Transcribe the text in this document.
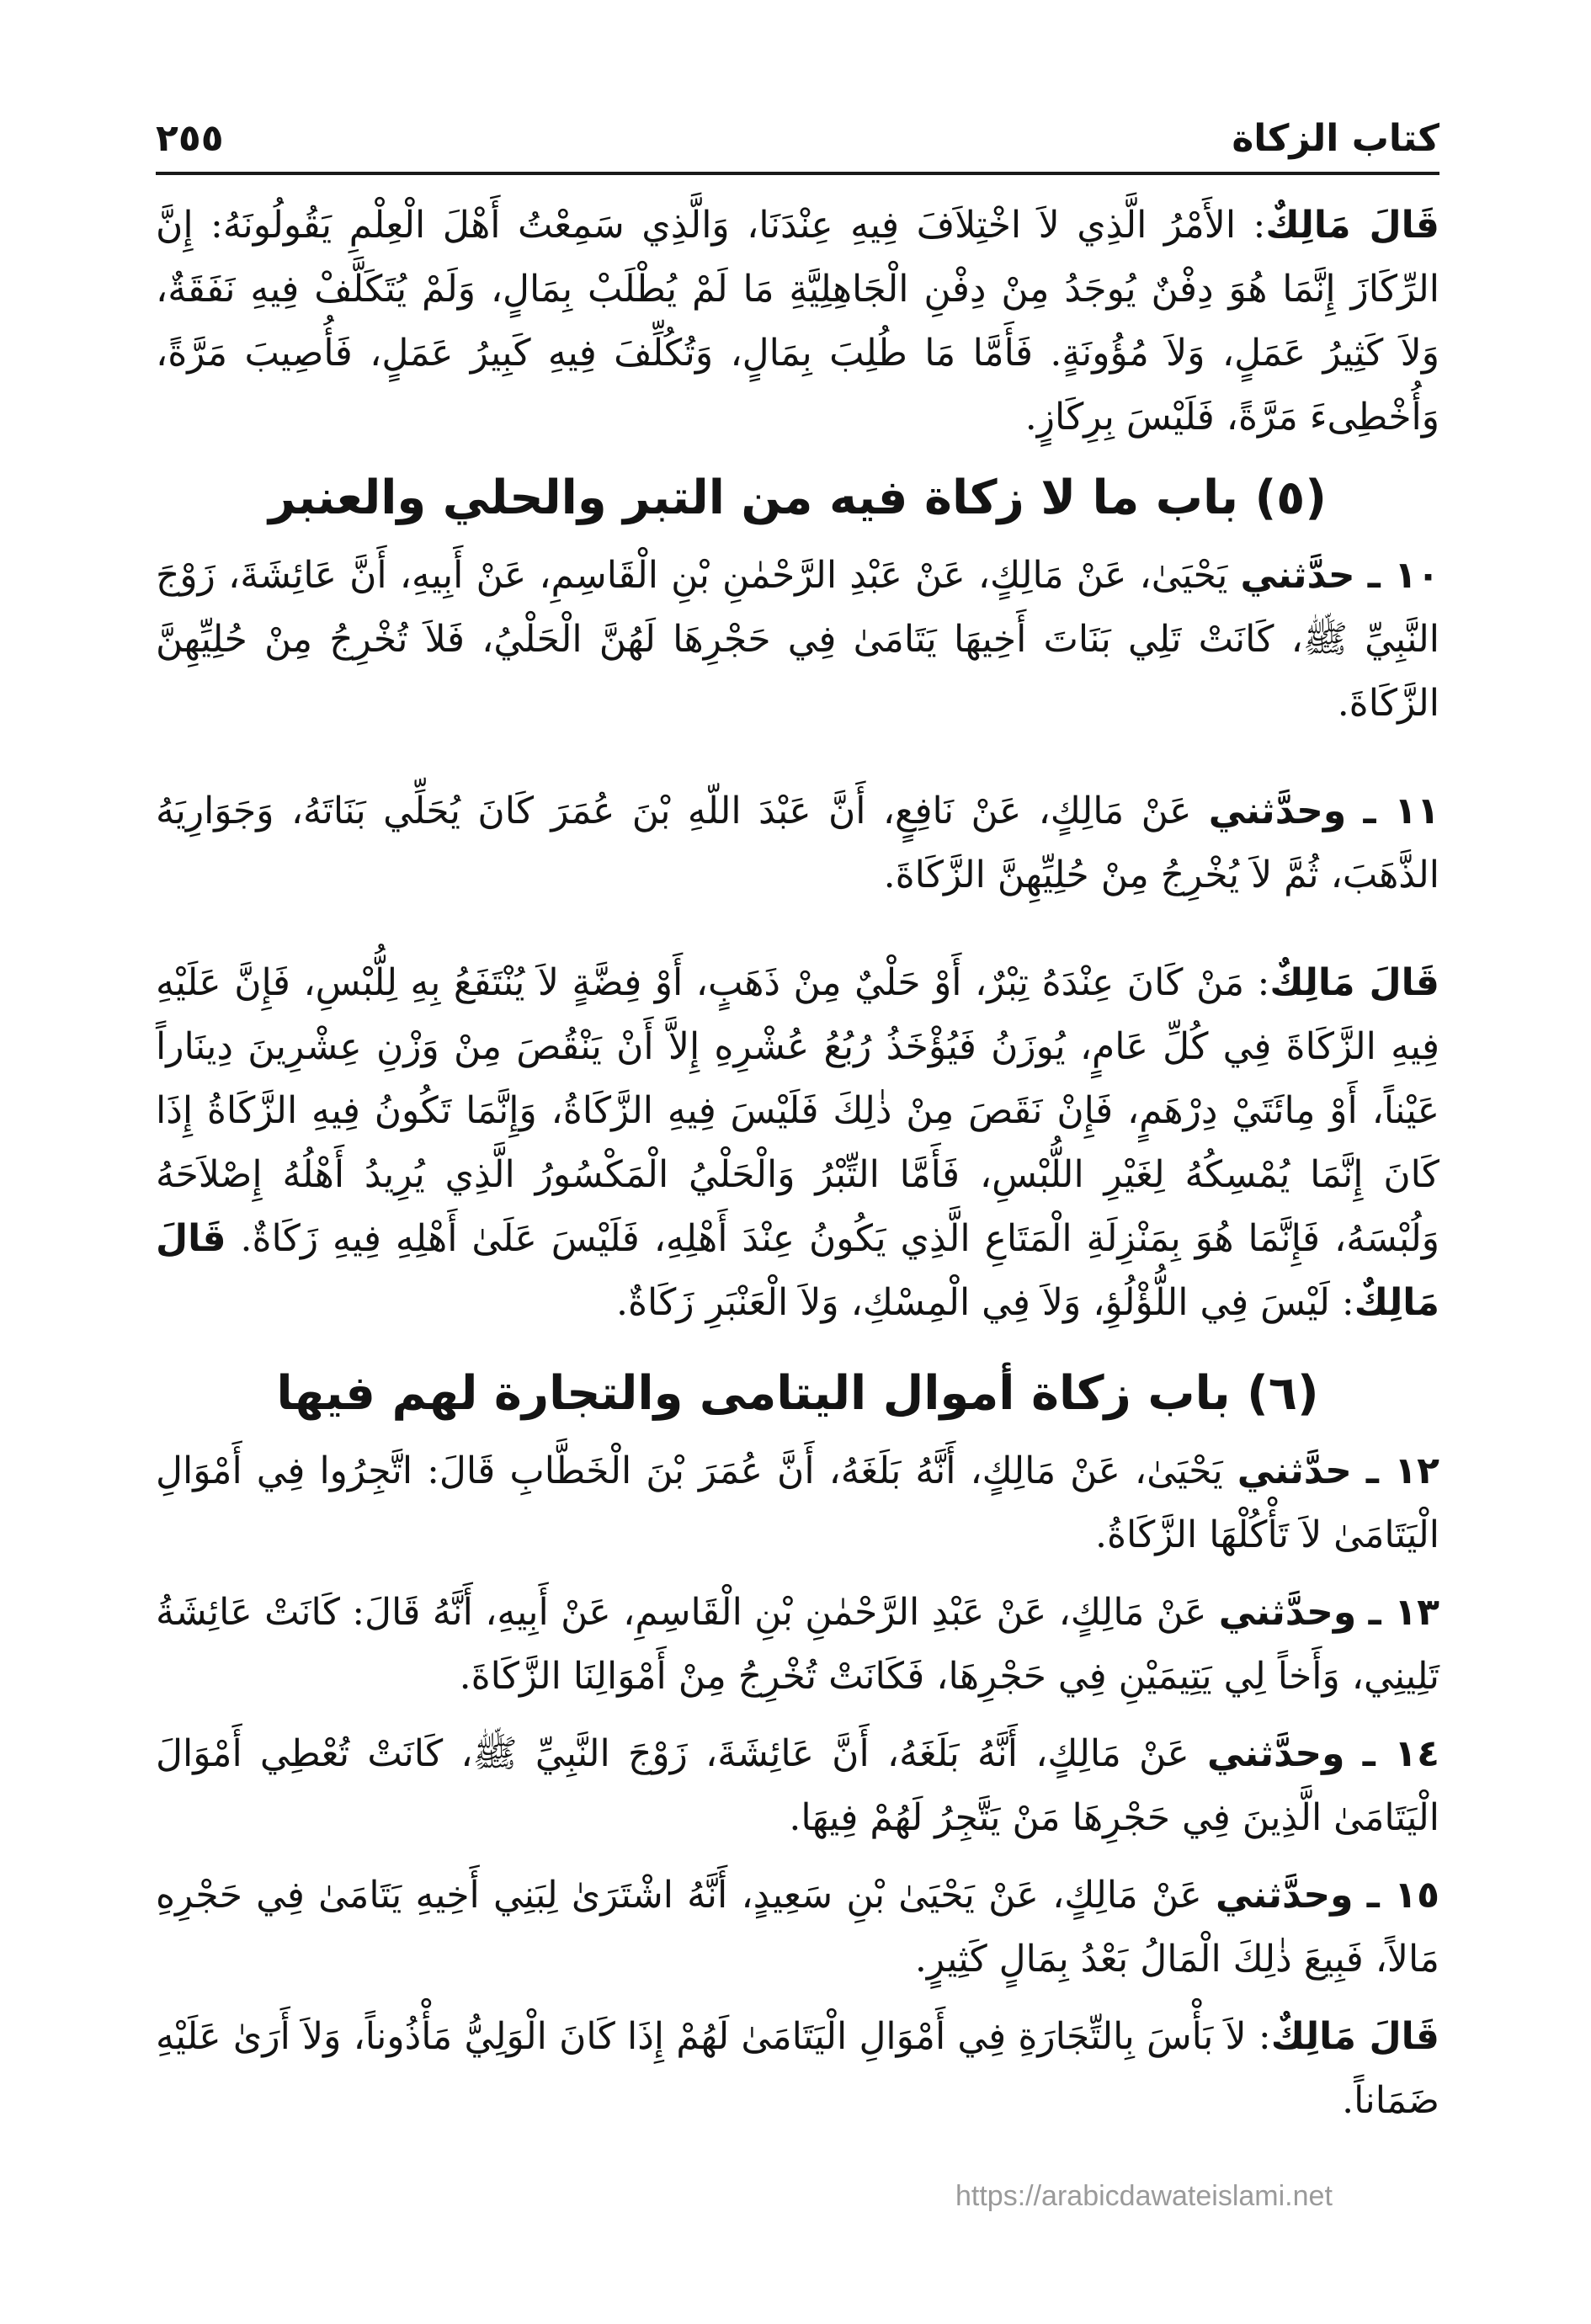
كتاب الزكاة
٢٥٥

قَالَ مَالِكٌ: الأَمْرُ الَّذِي لاَ اخْتِلاَفَ فِيهِ عِنْدَنَا، وَالَّذِي سَمِعْتُ أَهْلَ الْعِلْمِ يَقُولُونَهُ: إِنَّ الرِّكَازَ إِنَّمَا هُوَ دِفْنٌ يُوجَدُ مِنْ دِفْنِ الْجَاهِلِيَّةِ مَا لَمْ يُطْلَبْ بِمَالٍ، وَلَمْ يُتَكَلَّفْ فِيهِ نَفَقَةٌ، وَلاَ كَثِيرُ عَمَلٍ، وَلاَ مُؤُونَةٍ. فَأَمَّا مَا طُلِبَ بِمَالٍ، وَتُكُلِّفَ فِيهِ كَبِيرُ عَمَلٍ، فَأُصِيبَ مَرَّةً، وَأُخْطِىءَ مَرَّةً، فَلَيْسَ بِرِكَازٍ.

(٥) باب ما لا زكاة فيه من التبر والحلي والعنبر

١٠ ـ حدَّثني يَحْيَىٰ، عَنْ مَالِكٍ، عَنْ عَبْدِ الرَّحْمٰنِ بْنِ الْقَاسِمِ، عَنْ أَبِيهِ، أَنَّ عَائِشَةَ، زَوْجَ النَّبِيِّ ﷺ، كَانَتْ تَلِي بَنَاتَ أَخِيهَا يَتَامَىٰ فِي حَجْرِهَا لَهُنَّ الْحَلْيُ، فَلاَ تُخْرِجُ مِنْ حُلِيِّهِنَّ الزَّكَاةَ.

١١ ـ وحدَّثني عَنْ مَالِكٍ، عَنْ نَافِعٍ، أَنَّ عَبْدَ اللّهِ بْنَ عُمَرَ كَانَ يُحَلِّي بَنَاتَهُ، وَجَوَارِيَهُ الذَّهَبَ، ثُمَّ لاَ يُخْرِجُ مِنْ حُلِيِّهِنَّ الزَّكَاةَ.

قَالَ مَالِكٌ: مَنْ كَانَ عِنْدَهُ تِبْرٌ، أَوْ حَلْيٌ مِنْ ذَهَبٍ، أَوْ فِضَّةٍ لاَ يُنْتَفَعُ بِهِ لِلُّبْسِ، فَإِنَّ عَلَيْهِ فِيهِ الزَّكَاةَ فِي كُلِّ عَامٍ، يُوزَنُ فَيُؤْخَذُ رُبُعُ عُشْرِهِ إِلاَّ أَنْ يَنْقُصَ مِنْ وَزْنِ عِشْرِينَ دِينَاراً عَيْناً، أَوْ مِائَتَيْ دِرْهَمٍ، فَإِنْ نَقَصَ مِنْ ذٰلِكَ فَلَيْسَ فِيهِ الزَّكَاةُ، وَإِنَّمَا تَكُونُ فِيهِ الزَّكَاةُ إِذَا كَانَ إِنَّمَا يُمْسِكُهُ لِغَيْرِ اللُّبْسِ، فَأَمَّا التِّبْرُ وَالْحَلْيُ الْمَكْسُورُ الَّذِي يُرِيدُ أَهْلُهُ إِصْلاَحَهُ وَلُبْسَهُ، فَإِنَّمَا هُوَ بِمَنْزِلَةِ الْمَتَاعِ الَّذِي يَكُونُ عِنْدَ أَهْلِهِ، فَلَيْسَ عَلَىٰ أَهْلِهِ فِيهِ زَكَاةٌ. قَالَ مَالِكٌ: لَيْسَ فِي اللُّؤْلُؤِ، وَلاَ فِي الْمِسْكِ، وَلاَ الْعَنْبَرِ زَكَاةٌ.

(٦) باب زكاة أموال اليتامى والتجارة لهم فيها

١٢ ـ حدَّثني يَحْيَىٰ، عَنْ مَالِكٍ، أَنَّهُ بَلَغَهُ، أَنَّ عُمَرَ بْنَ الْخَطَّابِ قَالَ: اتَّجِرُوا فِي أَمْوَالِ الْيَتَامَىٰ لاَ تَأْكُلْهَا الزَّكَاةُ.

١٣ ـ وحدَّثني عَنْ مَالِكٍ، عَنْ عَبْدِ الرَّحْمٰنِ بْنِ الْقَاسِمِ، عَنْ أَبِيهِ، أَنَّهُ قَالَ: كَانَتْ عَائِشَةُ تَلِينِي، وَأَخاً لِي يَتِيمَيْنِ فِي حَجْرِهَا، فَكَانَتْ تُخْرِجُ مِنْ أَمْوَالِنَا الزَّكَاةَ.

١٤ ـ وحدَّثني عَنْ مَالِكٍ، أَنَّهُ بَلَغَهُ، أَنَّ عَائِشَةَ، زَوْجَ النَّبِيِّ ﷺ، كَانَتْ تُعْطِي أَمْوَالَ الْيَتَامَىٰ الَّذِينَ فِي حَجْرِهَا مَنْ يَتَّجِرُ لَهُمْ فِيهَا.

١٥ ـ وحدَّثني عَنْ مَالِكٍ، عَنْ يَحْيَىٰ بْنِ سَعِيدٍ، أَنَّهُ اشْتَرَىٰ لِبَنِي أَخِيهِ يَتَامَىٰ فِي حَجْرِهِ مَالاً، فَبِيعَ ذٰلِكَ الْمَالُ بَعْدُ بِمَالٍ كَثِيرٍ.

قَالَ مَالِكٌ: لاَ بَأْسَ بِالتِّجَارَةِ فِي أَمْوَالِ الْيَتَامَىٰ لَهُمْ إِذَا كَانَ الْوَلِيُّ مَأْذُوناً، وَلاَ أَرَىٰ عَلَيْهِ ضَمَاناً.

https://arabicdawateislami.net
